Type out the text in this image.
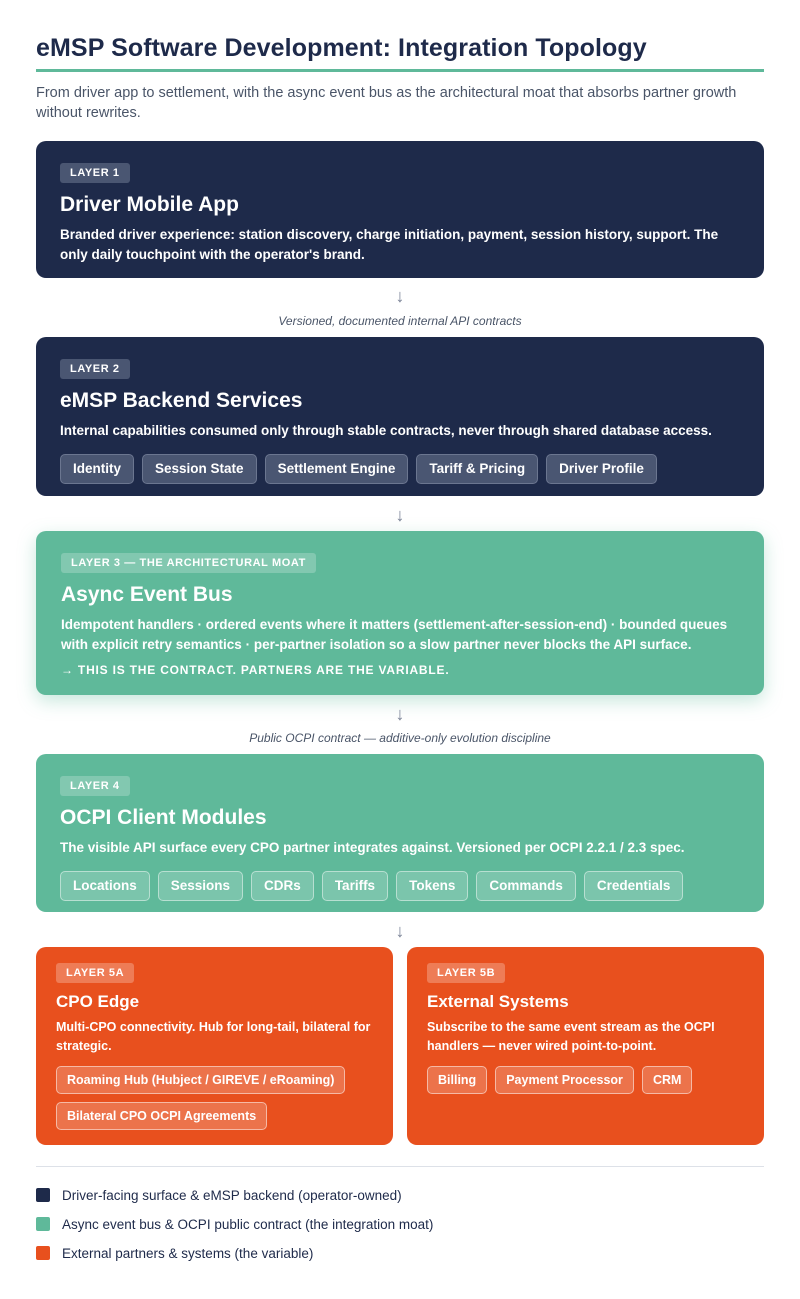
eMSP Software Development: Integration Topology
From driver app to settlement, with the async event bus as the architectural moat that absorbs partner growth without rewrites.
LAYER 1
Driver Mobile App
Branded driver experience: station discovery, charge initiation, payment, session history, support. The only daily touchpoint with the operator's brand.
↓
Versioned, documented internal API contracts
LAYER 2
eMSP Backend Services
Internal capabilities consumed only through stable contracts, never through shared database access.
Identity	Session State	Settlement Engine	Tariff & Pricing	Driver Profile
↓
LAYER 3 — THE ARCHITECTURAL MOAT
Async Event Bus
Idempotent handlers · ordered events where it matters (settlement-after-session-end) · bounded queues with explicit retry semantics · per-partner isolation so a slow partner never blocks the API surface.
→ THIS IS THE CONTRACT. PARTNERS ARE THE VARIABLE.
↓
Public OCPI contract — additive-only evolution discipline
LAYER 4
OCPI Client Modules
The visible API surface every CPO partner integrates against. Versioned per OCPI 2.2.1 / 2.3 spec.
Locations	Sessions	CDRs	Tariffs	Tokens	Commands	Credentials
↓
LAYER 5A
CPO Edge
Multi-CPO connectivity. Hub for long-tail, bilateral for strategic.
Roaming Hub (Hubject / GIREVE / eRoaming)
Bilateral CPO OCPI Agreements
LAYER 5B
External Systems
Subscribe to the same event stream as the OCPI handlers — never wired point-to-point.
Billing	Payment Processor	CRM
Driver-facing surface & eMSP backend (operator-owned)
Async event bus & OCPI public contract (the integration moat)
External partners & systems (the variable)
